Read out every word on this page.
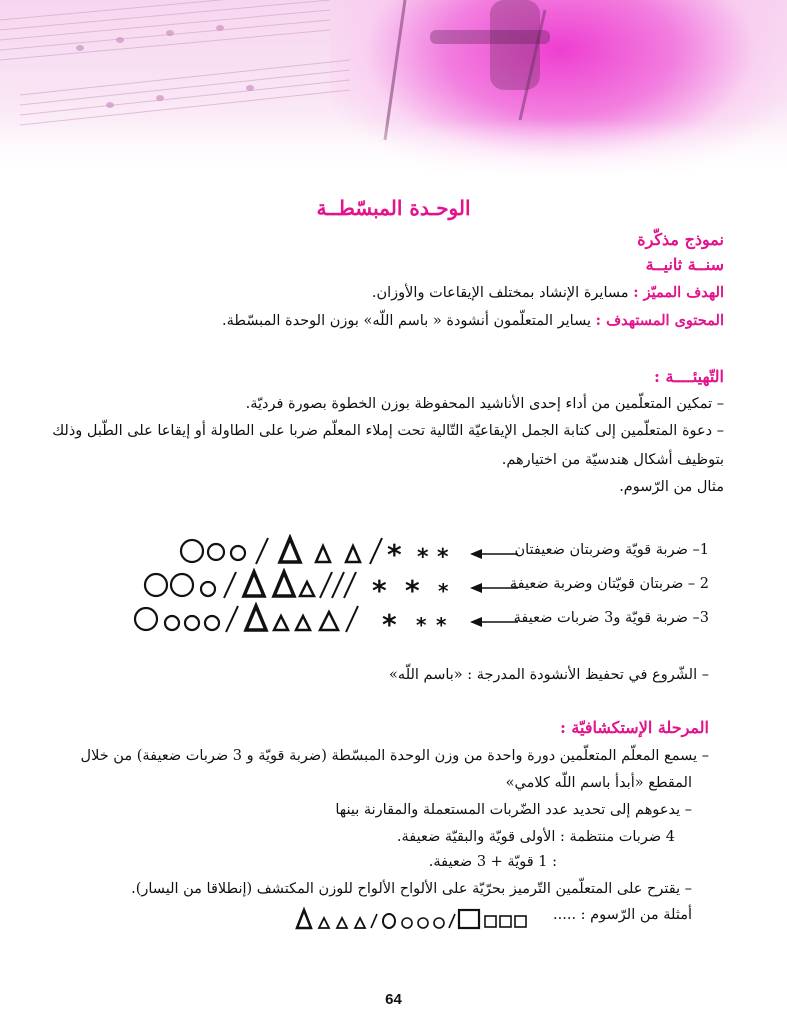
الوحـدة المبسّطــة
نموذج مذكّرة
سنــة ثانيــة
الهدف المميّز : مسايرة الإنشاد بمختلف الإيقاعات والأوزان.
المحتوى المستهدف : يساير المتعلّمون أنشودة « باسم اللّه» بوزن الوحدة المبسّطة.
التّهيئــــة :
– تمكين المتعلّمين من أداء إحدى الأناشيد المحفوظة بوزن الخطوة بصورة فرديّة.
– دعوة المتعلّمين إلى كتابة الجمل الإيقاعيّة التّالية تحت إملاء المعلّم ضربا على الطاولة أو إيقاعا على الطّبل وذلك
بتوظيف أشكال هندسيّة من اختيارهم.
مثال من الرّسوم.
1– ضربة قويّة وضربتان ضعيفتان
2 – ضربتان قويّتان وضربة ضعيفة
3– ضربة قويّة و3 ضربات ضعيفة
* * *
* * *
* * *
– الشّروع في تحفيظ الأنشودة المدرجة : «باسم اللّه»
المرحلة الإستكشافيّة :
– يسمع المعلّم المتعلّمين دورة واحدة من وزن الوحدة المبسّطة (ضربة قويّة و 3 ضربات ضعيفة) من خلال
المقطع «أبدأ باسم اللّه كلامي»
– يدعوهم إلى تحديد عدد الضّربات المستعملة والمقارنة بينها
4 ضربات منتظمة : الأولى قويّة والبقيّة ضعيفة.
: 1 قويّة + 3 ضعيفة.
– يقترح على المتعلّمين التّرميز بحرّيّة على الألواح الألواح للوزن المكتشف (إنطلاقا من اليسار).
أمثلة من الرّسوم : .....
64
